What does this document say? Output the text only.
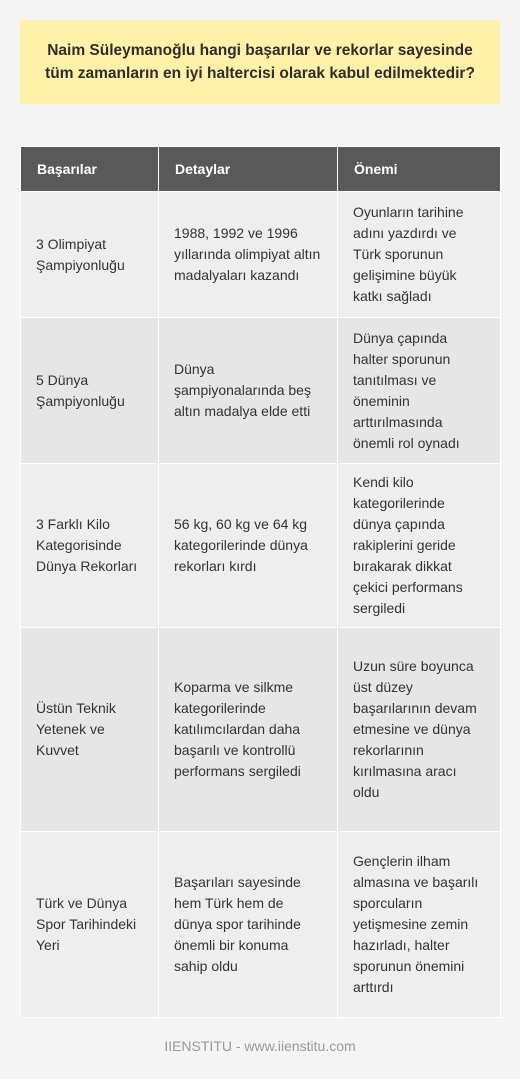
Naim Süleymanoğlu hangi başarılar ve rekorlar sayesinde tüm zamanların en iyi haltercisi olarak kabul edilmektedir?
Başarılar	Detaylar	Önemi
3 Olimpiyat Şampiyonluğu	1988, 1992 ve 1996 yıllarında olimpiyat altın madalyaları kazandı	Oyunların tarihine adını yazdırdı ve Türk sporunun gelişimine büyük katkı sağladı
5 Dünya Şampiyonluğu	Dünya şampiyonalarında beş altın madalya elde etti	Dünya çapında halter sporunun tanıtılması ve öneminin arttırılmasında önemli rol oynadı
3 Farklı Kilo Kategorisinde Dünya Rekorları	56 kg, 60 kg ve 64 kg kategorilerinde dünya rekorları kırdı	Kendi kilo kategorilerinde dünya çapında rakiplerini geride bırakarak dikkat çekici performans sergiledi
Üstün Teknik Yetenek ve Kuvvet	Koparma ve silkme kategorilerinde katılımcılardan daha başarılı ve kontrollü performans sergiledi	Uzun süre boyunca üst düzey başarılarının devam etmesine ve dünya rekorlarının kırılmasına aracı oldu
Türk ve Dünya Spor Tarihindeki Yeri	Başarıları sayesinde hem Türk hem de dünya spor tarihinde önemli bir konuma sahip oldu	Gençlerin ilham almasına ve başarılı sporcuların yetişmesine zemin hazırladı, halter sporunun önemini arttırdı
IIENSTITU - www.iienstitu.com
